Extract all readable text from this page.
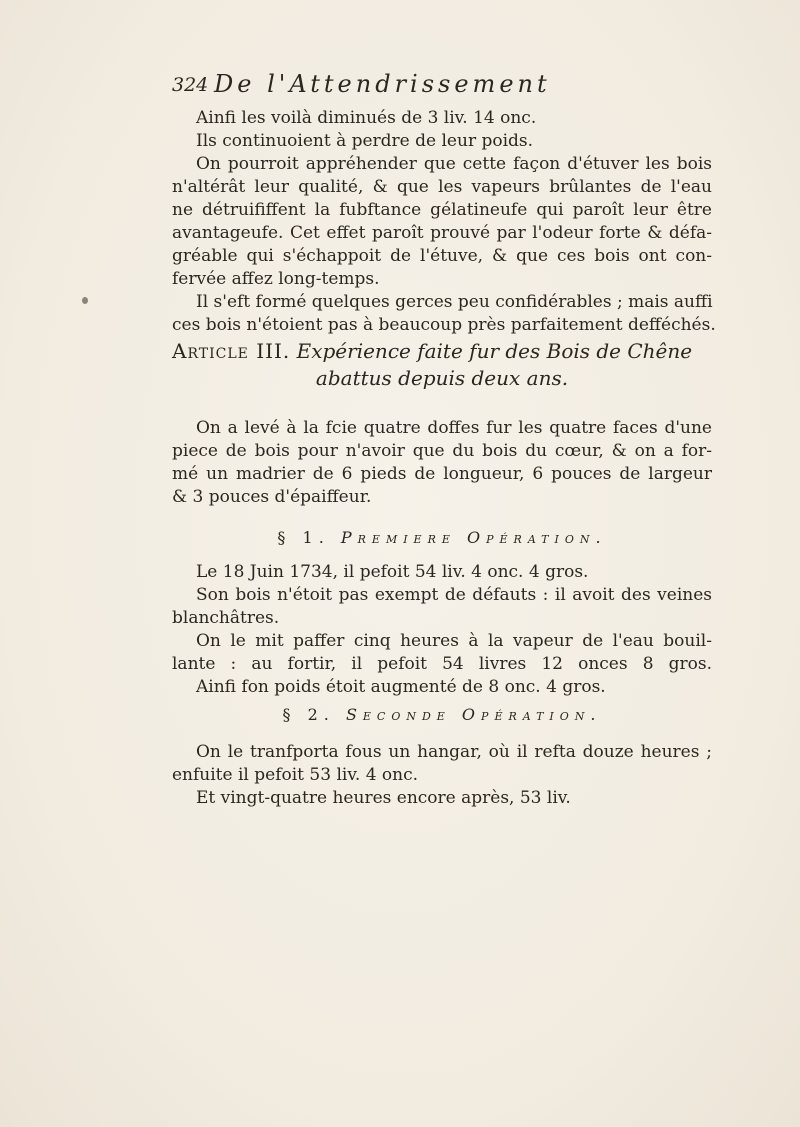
324 De l'Attendrissement
Ainfi les voilà diminués de 3 liv. 14 onc.
Ils continuoient à perdre de leur poids.
On pourroit appréhender que cette façon d'étuver les bois
n'altérât leur qualité, & que les vapeurs brûlantes de l'eau
ne détruififfent la fubftance gélatineufe qui paroît leur être
avantageufe. Cet effet paroît prouvé par l'odeur forte & défa-
gréable qui s'échappoit de l'étuve, & que ces bois ont con-
fervée affez long-temps.
Il s'eft formé quelques gerces peu confidérables ; mais auffi
ces bois n'étoient pas à beaucoup près parfaitement defféchés.
Article III. Expérience faite fur des Bois de Chêne
abattus depuis deux ans.
On a levé à la fcie quatre doffes fur les quatre faces d'une
piece de bois pour n'avoir que du bois du cœur, & on a for-
mé un madrier de 6 pieds de longueur, 6 pouces de largeur
& 3 pouces d'épaiffeur.
§ 1. Premiere Opération.
Le 18 Juin 1734, il pefoit 54 liv. 4 onc. 4 gros.
Son bois n'étoit pas exempt de défauts : il avoit des veines
blanchâtres.
On le mit paffer cinq heures à la vapeur de l'eau bouil-
lante : au fortir, il pefoit 54 livres 12 onces 8 gros.
Ainfi fon poids étoit augmenté de 8 onc. 4 gros.
§ 2. Seconde Opération.
On le tranfporta fous un hangar, où il refta douze heures ;
enfuite il pefoit 53 liv. 4 onc.
Et vingt-quatre heures encore après, 53 liv.
